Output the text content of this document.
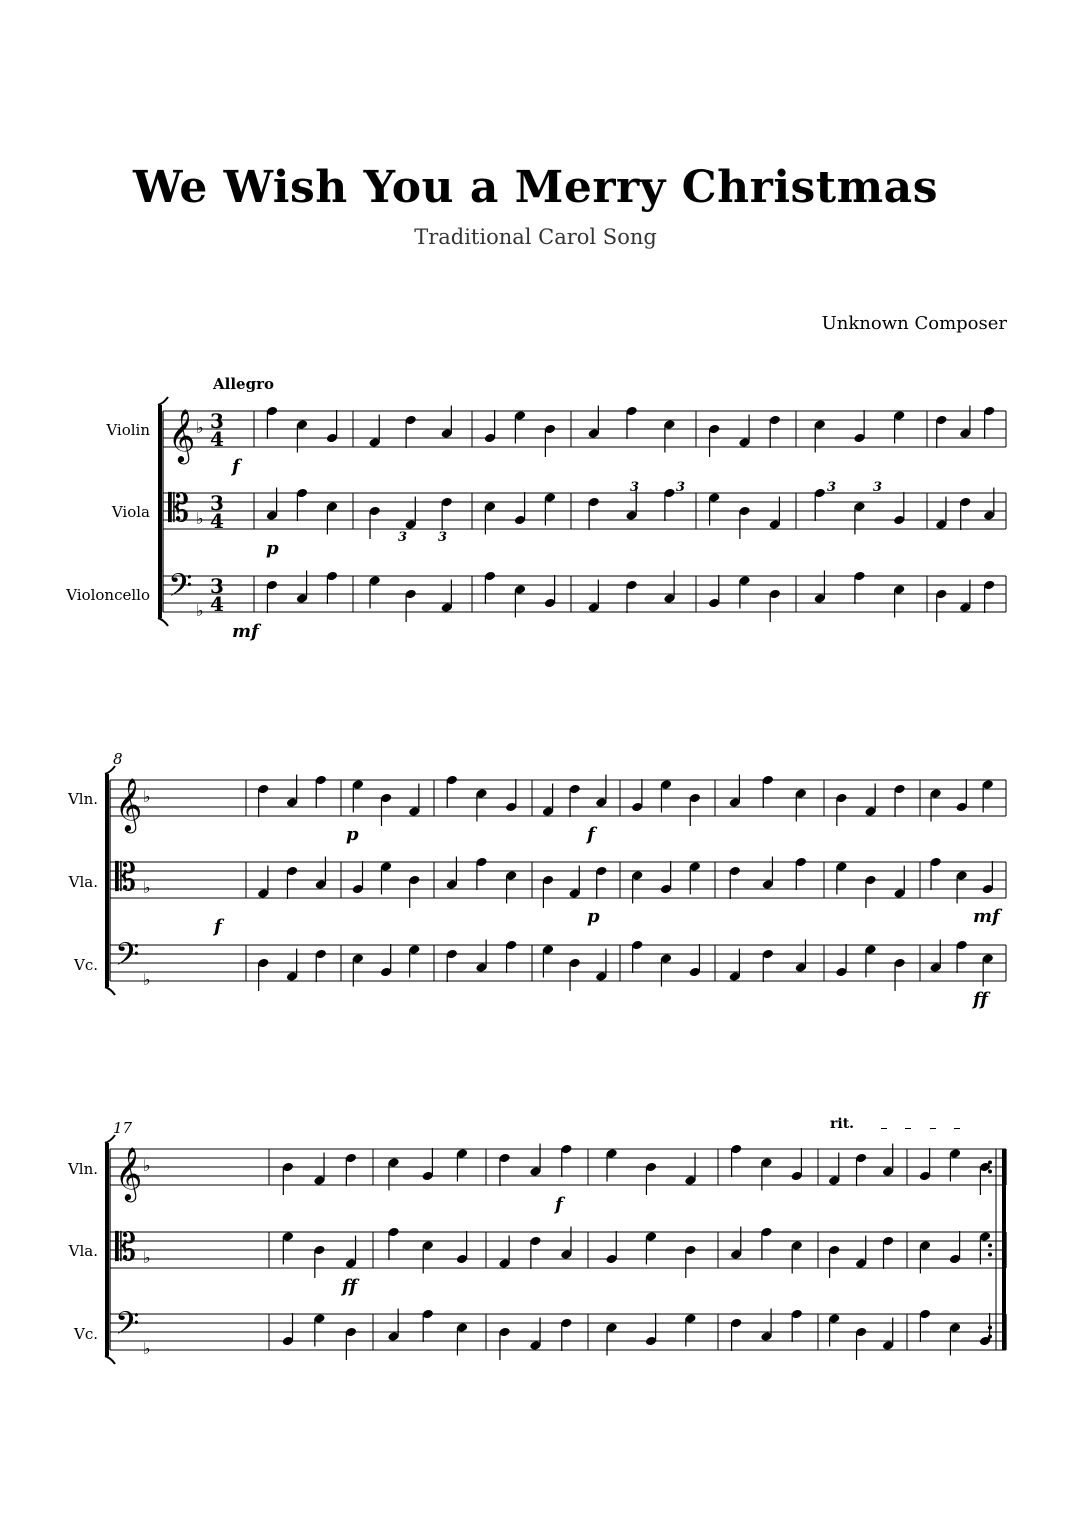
We Wish You a Merry Christmas
Traditional Carol Song
Unknown Composer
Allegro
rit.
Violin
Viola
Violoncello
8
Vln.
Vla.
Vc.
17
Vln.
Vla.
Vc.
𝄞 ♭ 3
4
𝄡 ♭
3
4
𝄢 ♭
3
4
𝄞 ♭
𝄡 ♭
𝄢 ♭
𝄞 ♭
𝄡 ♭
𝄢 ♭
f
p
mf
p	f
f	p	mf
ff
ff
f
3 3
3	3	3	3
